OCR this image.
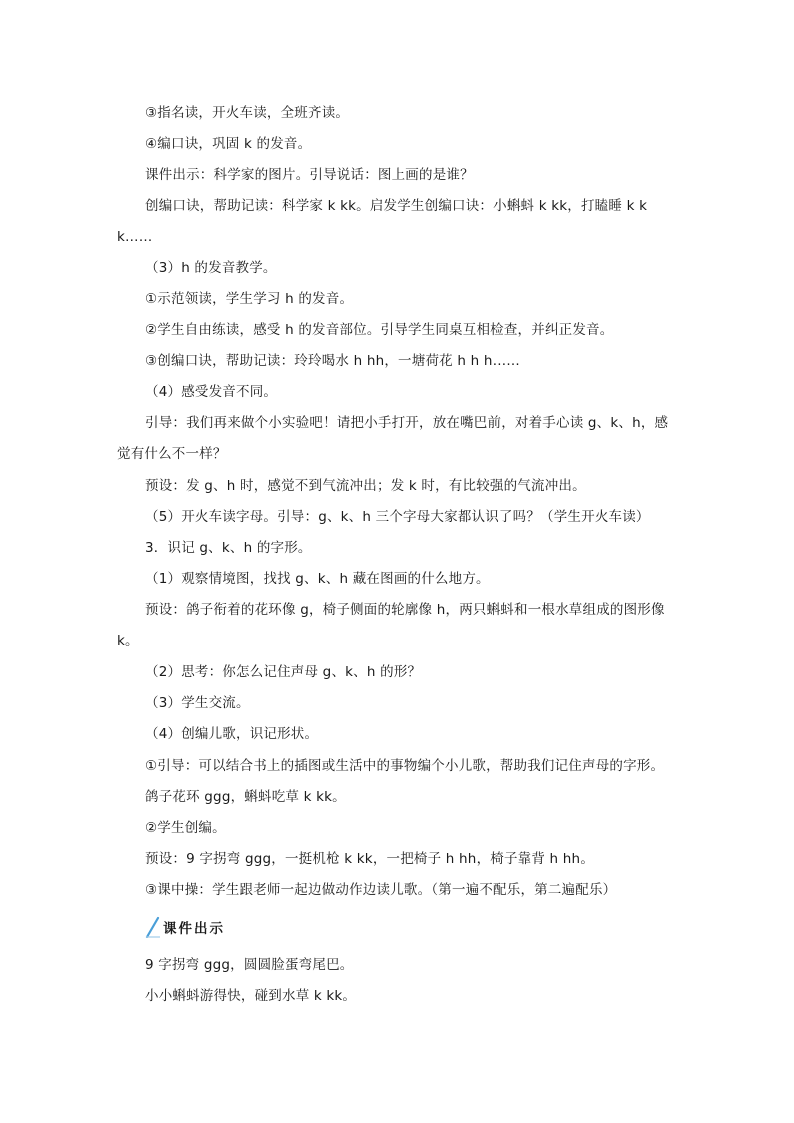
③指名读，开火车读，全班齐读。
④编口诀，巩固 k 的发音。
课件出示：科学家的图片。引导说话：图上画的是谁？
创编口诀，帮助记读：科学家 k kk。启发学生创编口诀：小蝌蚪 k kk，打瞌睡 k k
k……
（3）h 的发音教学。
①示范领读，学生学习 h 的发音。
②学生自由练读，感受 h 的发音部位。引导学生同桌互相检查，并纠正发音。
③创编口诀，帮助记读：玲玲喝水 h hh，一塘荷花 h h h……
（4）感受发音不同。
引导：我们再来做个小实验吧！请把小手打开，放在嘴巴前，对着手心读 g、k、h，感
觉有什么不一样？
预设：发 g、h 时，感觉不到气流冲出；发 k 时，有比较强的气流冲出。
（5）开火车读字母。引导：g、k、h 三个字母大家都认识了吗？（学生开火车读）
3．识记 g、k、h 的字形。
（1）观察情境图，找找 g、k、h 藏在图画的什么地方。
预设：鸽子衔着的花环像 g，椅子侧面的轮廓像 h，两只蝌蚪和一根水草组成的图形像
k。
（2）思考：你怎么记住声母 g、k、h 的形？
（3）学生交流。
（4）创编儿歌，识记形状。
①引导：可以结合书上的插图或生活中的事物编个小儿歌，帮助我们记住声母的字形。
鸽子花环 ggg，蝌蚪吃草 k kk。
②学生创编。
预设：9 字拐弯 ggg，一挺机枪 k kk，一把椅子 h hh，椅子靠背 h hh。
③课中操：学生跟老师一起边做动作边读儿歌。（第一遍不配乐，第二遍配乐）
课件出示
9 字拐弯 ggg，圆圆脸蛋弯尾巴。
小小蝌蚪游得快，碰到水草 k kk。
